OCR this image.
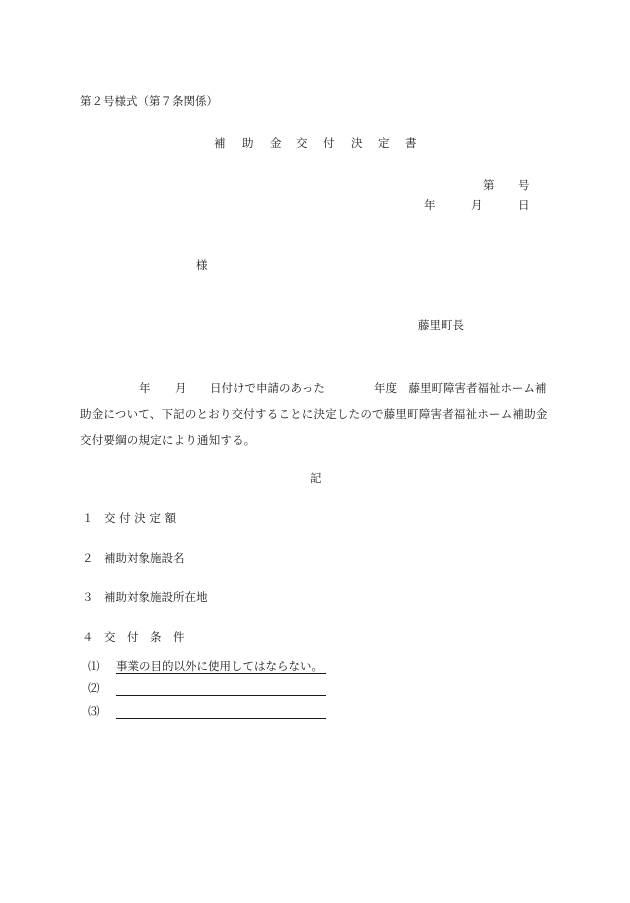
第２号様式（第７条関係）
補 助 金 交 付 決 定 書
第 号
年	月	日
様
藤里町長
年 月 日付けで申請のあった	年度　藤里町障害者福祉ホーム補
助金について、下記のとおり交付することに決定したので藤里町障害者福祉ホーム補助金
交付要綱の規定により通知する。
記
１ 交 付 決 定 額
２ 補助対象施設名
３ 補助対象施設所在地
４ 交　付　条　件
⑴ 事業の目的以外に使用してはならない。
⑵
⑶
